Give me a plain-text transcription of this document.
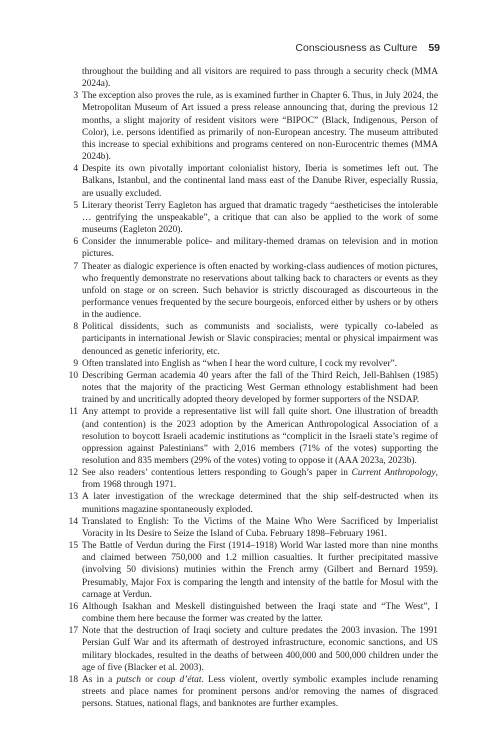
Consciousness as Culture 59

throughout the building and all visitors are required to pass through a security check (MMA 2024a).

3 The exception also proves the rule, as is examined further in Chapter 6. Thus, in July 2024, the Metropolitan Museum of Art issued a press release announcing that, during the previous 12 months, a slight majority of resident visitors were “BIPOC” (Black, Indigenous, Person of Color), i.e. persons identified as primarily of non-European ancestry. The museum attributed this increase to special exhibitions and programs centered on non-Eurocentric themes (MMA 2024b).

4 Despite its own pivotally important colonialist history, Iberia is sometimes left out. The Balkans, Istanbul, and the continental land mass east of the Danube River, especially Russia, are usually excluded.

5 Literary theorist Terry Eagleton has argued that dramatic tragedy “aestheticises the intolerable … gentrifying the unspeakable”, a critique that can also be applied to the work of some museums (Eagleton 2020).

6 Consider the innumerable police- and military-themed dramas on television and in motion pictures.

7 Theater as dialogic experience is often enacted by working-class audiences of motion pictures, who frequently demonstrate no reservations about talking back to characters or events as they unfold on stage or on screen. Such behavior is strictly discouraged as discourteous in the performance venues frequented by the secure bourgeois, enforced either by ushers or by others in the audience.

8 Political dissidents, such as communists and socialists, were typically co-labeled as participants in international Jewish or Slavic conspiracies; mental or physical impairment was denounced as genetic inferiority, etc.

9 Often translated into English as “when I hear the word culture, I cock my revolver”.

10 Describing German academia 40 years after the fall of the Third Reich, Jell-Bahlsen (1985) notes that the majority of the practicing West German ethnology establishment had been trained by and uncritically adopted theory developed by former supporters of the NSDAP.

11 Any attempt to provide a representative list will fall quite short. One illustration of breadth (and contention) is the 2023 adoption by the American Anthropological Association of a resolution to boycott Israeli academic institutions as “complicit in the Israeli state’s regime of oppression against Palestinians” with 2,016 members (71% of the votes) supporting the resolution and 835 members (29% of the votes) voting to oppose it (AAA 2023a, 2023b).

12 See also readers’ contentious letters responding to Gough’s paper in Current Anthropology, from 1968 through 1971.

13 A later investigation of the wreckage determined that the ship self-destructed when its munitions magazine spontaneously exploded.

14 Translated to English: To the Victims of the Maine Who Were Sacrificed by Imperialist Voracity in Its Desire to Seize the Island of Cuba. February 1898–February 1961.

15 The Battle of Verdun during the First (1914–1918) World War lasted more than nine months and claimed between 750,000 and 1.2 million casualties. It further precipitated massive (involving 50 divisions) mutinies within the French army (Gilbert and Bernard 1959). Presumably, Major Fox is comparing the length and intensity of the battle for Mosul with the carnage at Verdun.

16 Although Isakhan and Meskell distinguished between the Iraqi state and “The West”, I combine them here because the former was created by the latter.

17 Note that the destruction of Iraqi society and culture predates the 2003 invasion. The 1991 Persian Gulf War and its aftermath of destroyed infrastructure, economic sanctions, and US military blockades, resulted in the deaths of between 400,000 and 500,000 children under the age of five (Blacker et al. 2003).

18 As in a putsch or coup d’état. Less violent, overtly symbolic examples include renaming streets and place names for prominent persons and/or removing the names of disgraced persons. Statues, national flags, and banknotes are further examples.
